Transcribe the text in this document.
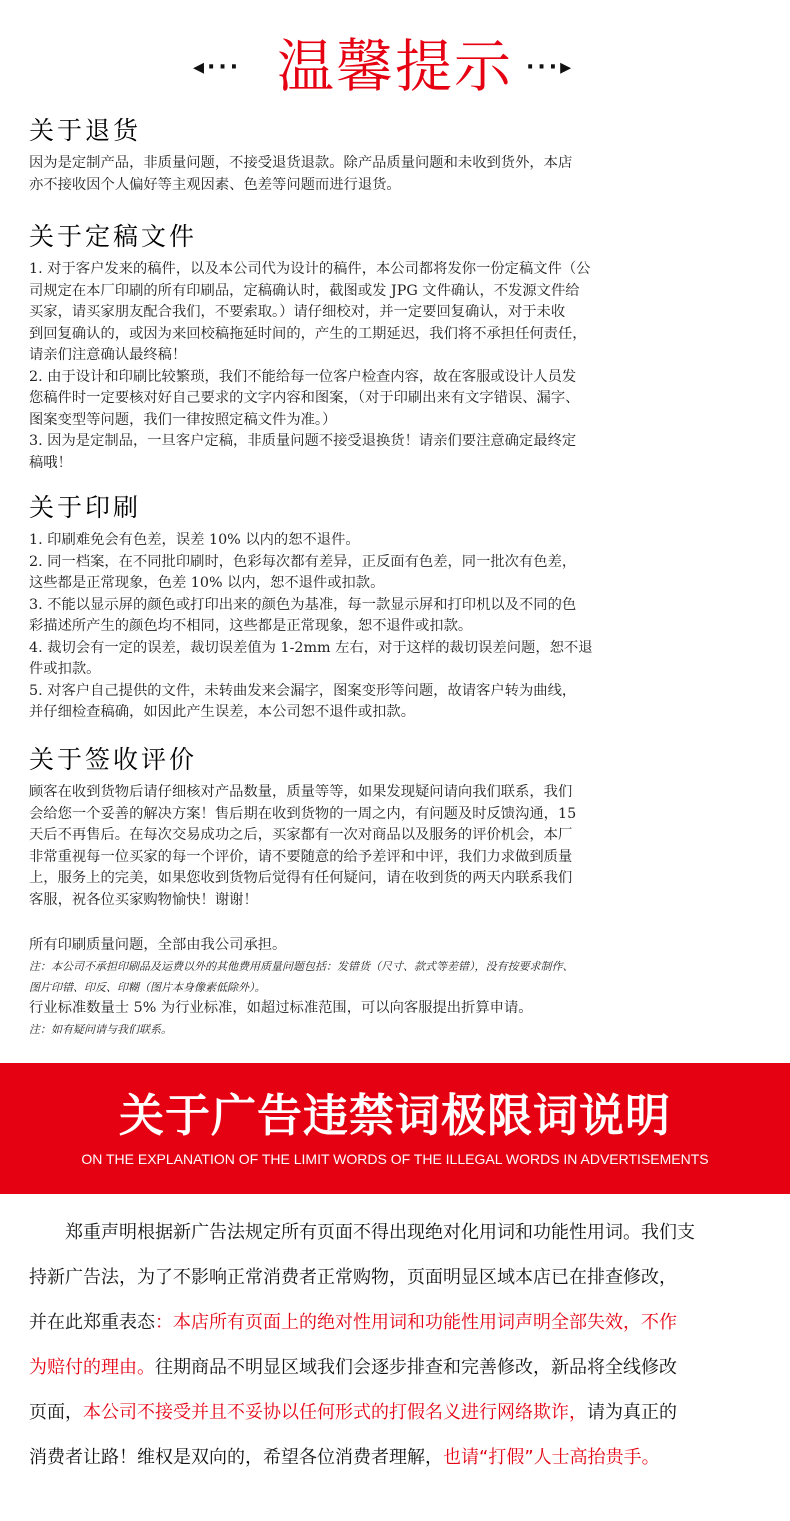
◂··· 温馨提示 ···▸
关于退货

因为是定制产品，非质量问题，不接受退货退款。除产品质量问题和未收到货外，本店

亦不接收因个人偏好等主观因素、色差等问题而进行退货。

关于定稿文件

1. 对于客户发来的稿件，以及本公司代为设计的稿件，本公司都将发你一份定稿文件（公

司规定在本厂印刷的所有印刷品，定稿确认时，截图或发 JPG 文件确认，不发源文件给

买家，请买家朋友配合我们，不要索取。）请仔细校对，并一定要回复确认，对于未收

到回复确认的，或因为来回校稿拖延时间的，产生的工期延迟，我们将不承担任何责任，

请亲们注意确认最终稿！

2. 由于设计和印刷比较繁琐，我们不能给每一位客户检查内容，故在客服或设计人员发

您稿件时一定要核对好自己要求的文字内容和图案，（对于印刷出来有文字错误、漏字、

图案变型等问题，我们一律按照定稿文件为准。）

3. 因为是定制品，一旦客户定稿，非质量问题不接受退换货！请亲们要注意确定最终定

稿哦！

关于印刷

1. 印刷难免会有色差，误差 10% 以内的恕不退件。

2. 同一档案，在不同批印刷时，色彩每次都有差异，正反面有色差，同一批次有色差，

这些都是正常现象，色差 10% 以内，恕不退件或扣款。

3. 不能以显示屏的颜色或打印出来的颜色为基准，每一款显示屏和打印机以及不同的色

彩描述所产生的颜色均不相同，这些都是正常现象，恕不退件或扣款。

4. 裁切会有一定的误差，裁切误差值为 1-2mm 左右，对于这样的裁切误差问题，恕不退

件或扣款。

5. 对客户自己提供的文件，未转曲发来会漏字，图案变形等问题，故请客户转为曲线，

并仔细检查稿确，如因此产生误差，本公司恕不退件或扣款。

关于签收评价

顾客在收到货物后请仔细核对产品数量，质量等等，如果发现疑问请向我们联系，我们

会给您一个妥善的解决方案！售后期在收到货物的一周之内，有问题及时反馈沟通，15

天后不再售后。在每次交易成功之后，买家都有一次对商品以及服务的评价机会，本厂

非常重视每一位买家的每一个评价，请不要随意的给予差评和中评，我们力求做到质量

上，服务上的完美，如果您收到货物后觉得有任何疑问，请在收到货的两天内联系我们

客服，祝各位买家购物愉快！谢谢！

所有印刷质量问题，全部由我公司承担。

注：本公司不承担印刷品及运费以外的其他费用质量问题包括：发错货（尺寸、款式等差错），没有按要求制作、

图片印错、印反、印糊（图片本身像素低除外）。

行业标准数量士 5% 为行业标准，如超过标准范围，可以向客服提出折算申请。

注：如有疑问请与我们联系。

关于广告违禁词极限词说明
ON THE EXPLANATION OF THE LIMIT WORDS OF THE ILLEGAL WORDS IN ADVERTISEMENTS

郑重声明根据新广告法规定所有页面不得出现绝对化用词和功能性用词。我们支

持新广告法，为了不影响正常消费者正常购物，页面明显区域本店已在排查修改，

并在此郑重表态：本店所有页面上的绝对性用词和功能性用词声明全部失效，不作

为赔付的理由。往期商品不明显区域我们会逐步排查和完善修改，新品将全线修改

页面，本公司不接受并且不妥协以任何形式的打假名义进行网络欺诈，请为真正的

消费者让路！维权是双向的，希望各位消费者理解，也请“打假”人士高抬贵手。
